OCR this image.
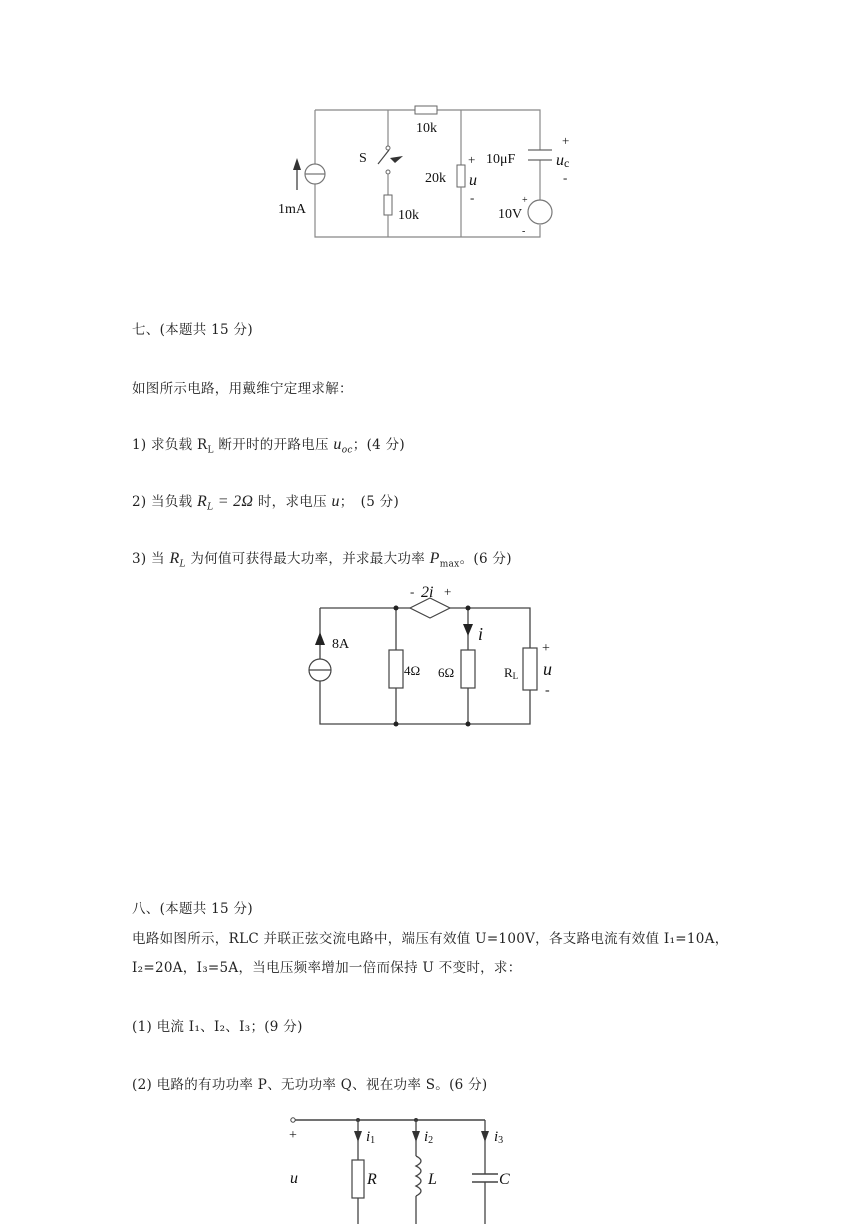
10k
S
20k
+
u
-
10μF
+
uc
-
1mA	10k	10V
+
-
七、(本题共 15 分)
如图所示电路，用戴维宁定理求解：
1) 求负载 $R_L$ 断开时的开路电压 $u_{oc}$；(4 分)
2) 当负载 $R_L = 2\Omega$ 时，求电压 u；　(5 分)
3) 当 $R_L$ 为何值可获得最大功率，并求最大功率 $P_{max}$。(6 分)
- 2i +
8A
i
4Ω 6Ω	RL
+
u
-
八、(本题共 15 分)
电路如图所示，RLC 并联正弦交流电路中，端压有效值 U=100V，各支路电流有效值 I₁=10A，
I₂=20A，I₃=5A，当电压频率增加一倍而保持 U 不变时，求：
(1) 电流 I₁、I₂、I₃；(9 分)
(2) 电路的有功功率 P、无功功率 Q、视在功率 S。(6 分)
+
u
i1	i2	i3
R	L	C
